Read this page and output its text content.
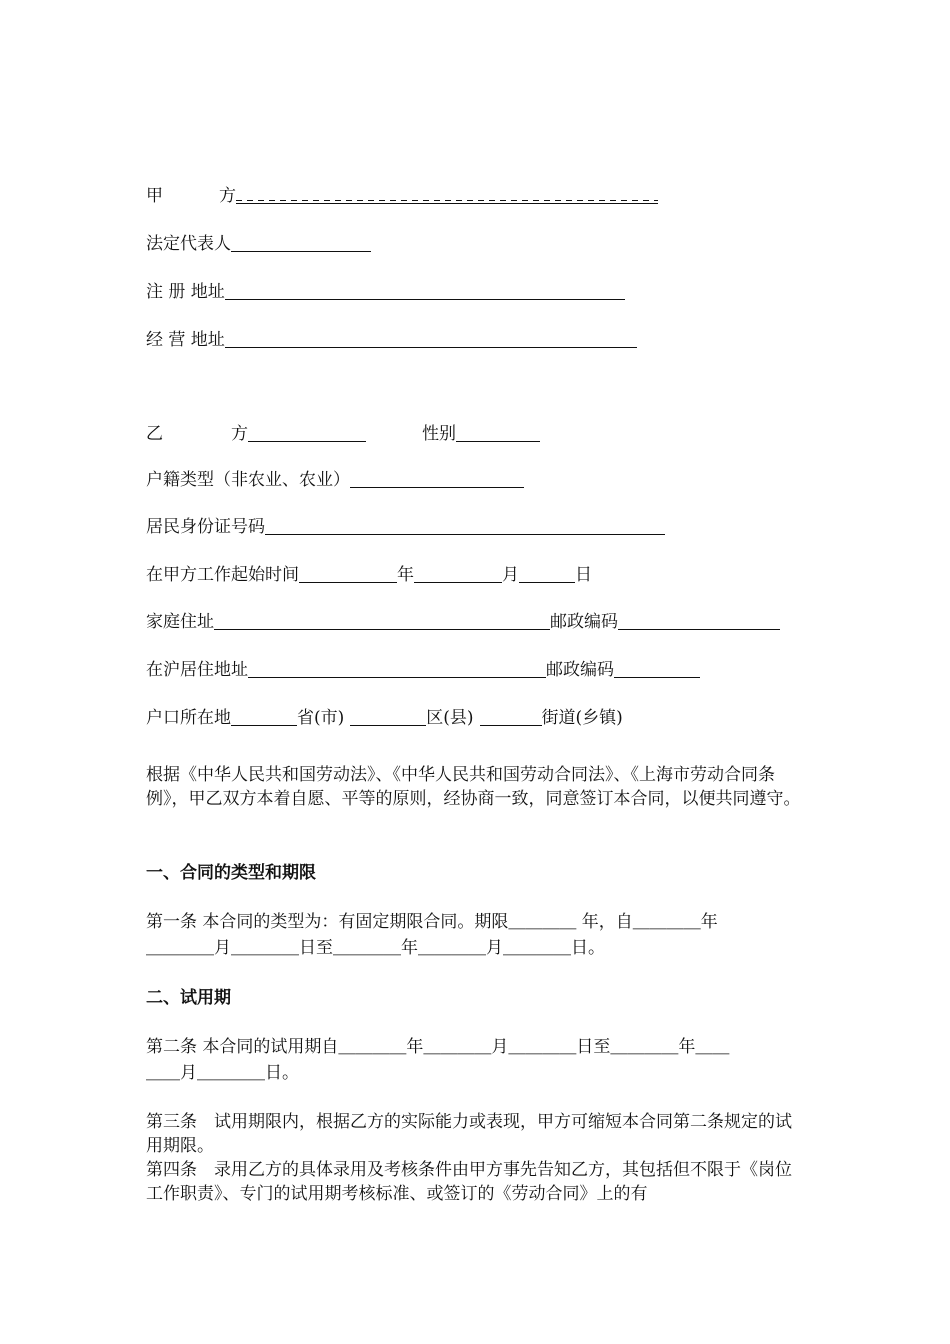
甲	方
法定代表人
注 册 地址
经 营 地址
乙	方	性别
户籍类型（非农业、农业）
居民身份证号码
在甲方工作起始时间	年	月	日
家庭住址	邮政编码
在沪居住地址	邮政编码
户口所在地	省(市)	区(县)	街道(乡镇)
根据《中华人民共和国劳动法》、《中华人民共和国劳动合同法》、《上海市劳动合同条例》，甲乙双方本着自愿、平等的原则，经协商一致，同意签订本合同，以便共同遵守。
一、合同的类型和期限
第一条 本合同的类型为：有固定期限合同。期限＿＿＿＿ 年，自＿＿＿＿年
＿＿＿＿月＿＿＿＿日至＿＿＿＿年＿＿＿＿月＿＿＿＿日。
二、试用期
第二条 本合同的试用期自＿＿＿＿年＿＿＿＿月＿＿＿＿日至＿＿＿＿年＿＿
＿＿月＿＿＿＿日。
第三条　试用期限内，根据乙方的实际能力或表现，甲方可缩短本合同第二条规定的试用期限。
第四条　录用乙方的具体录用及考核条件由甲方事先告知乙方，其包括但不限于《岗位工作职责》、专门的试用期考核标准、或签订的《劳动合同》上的有
